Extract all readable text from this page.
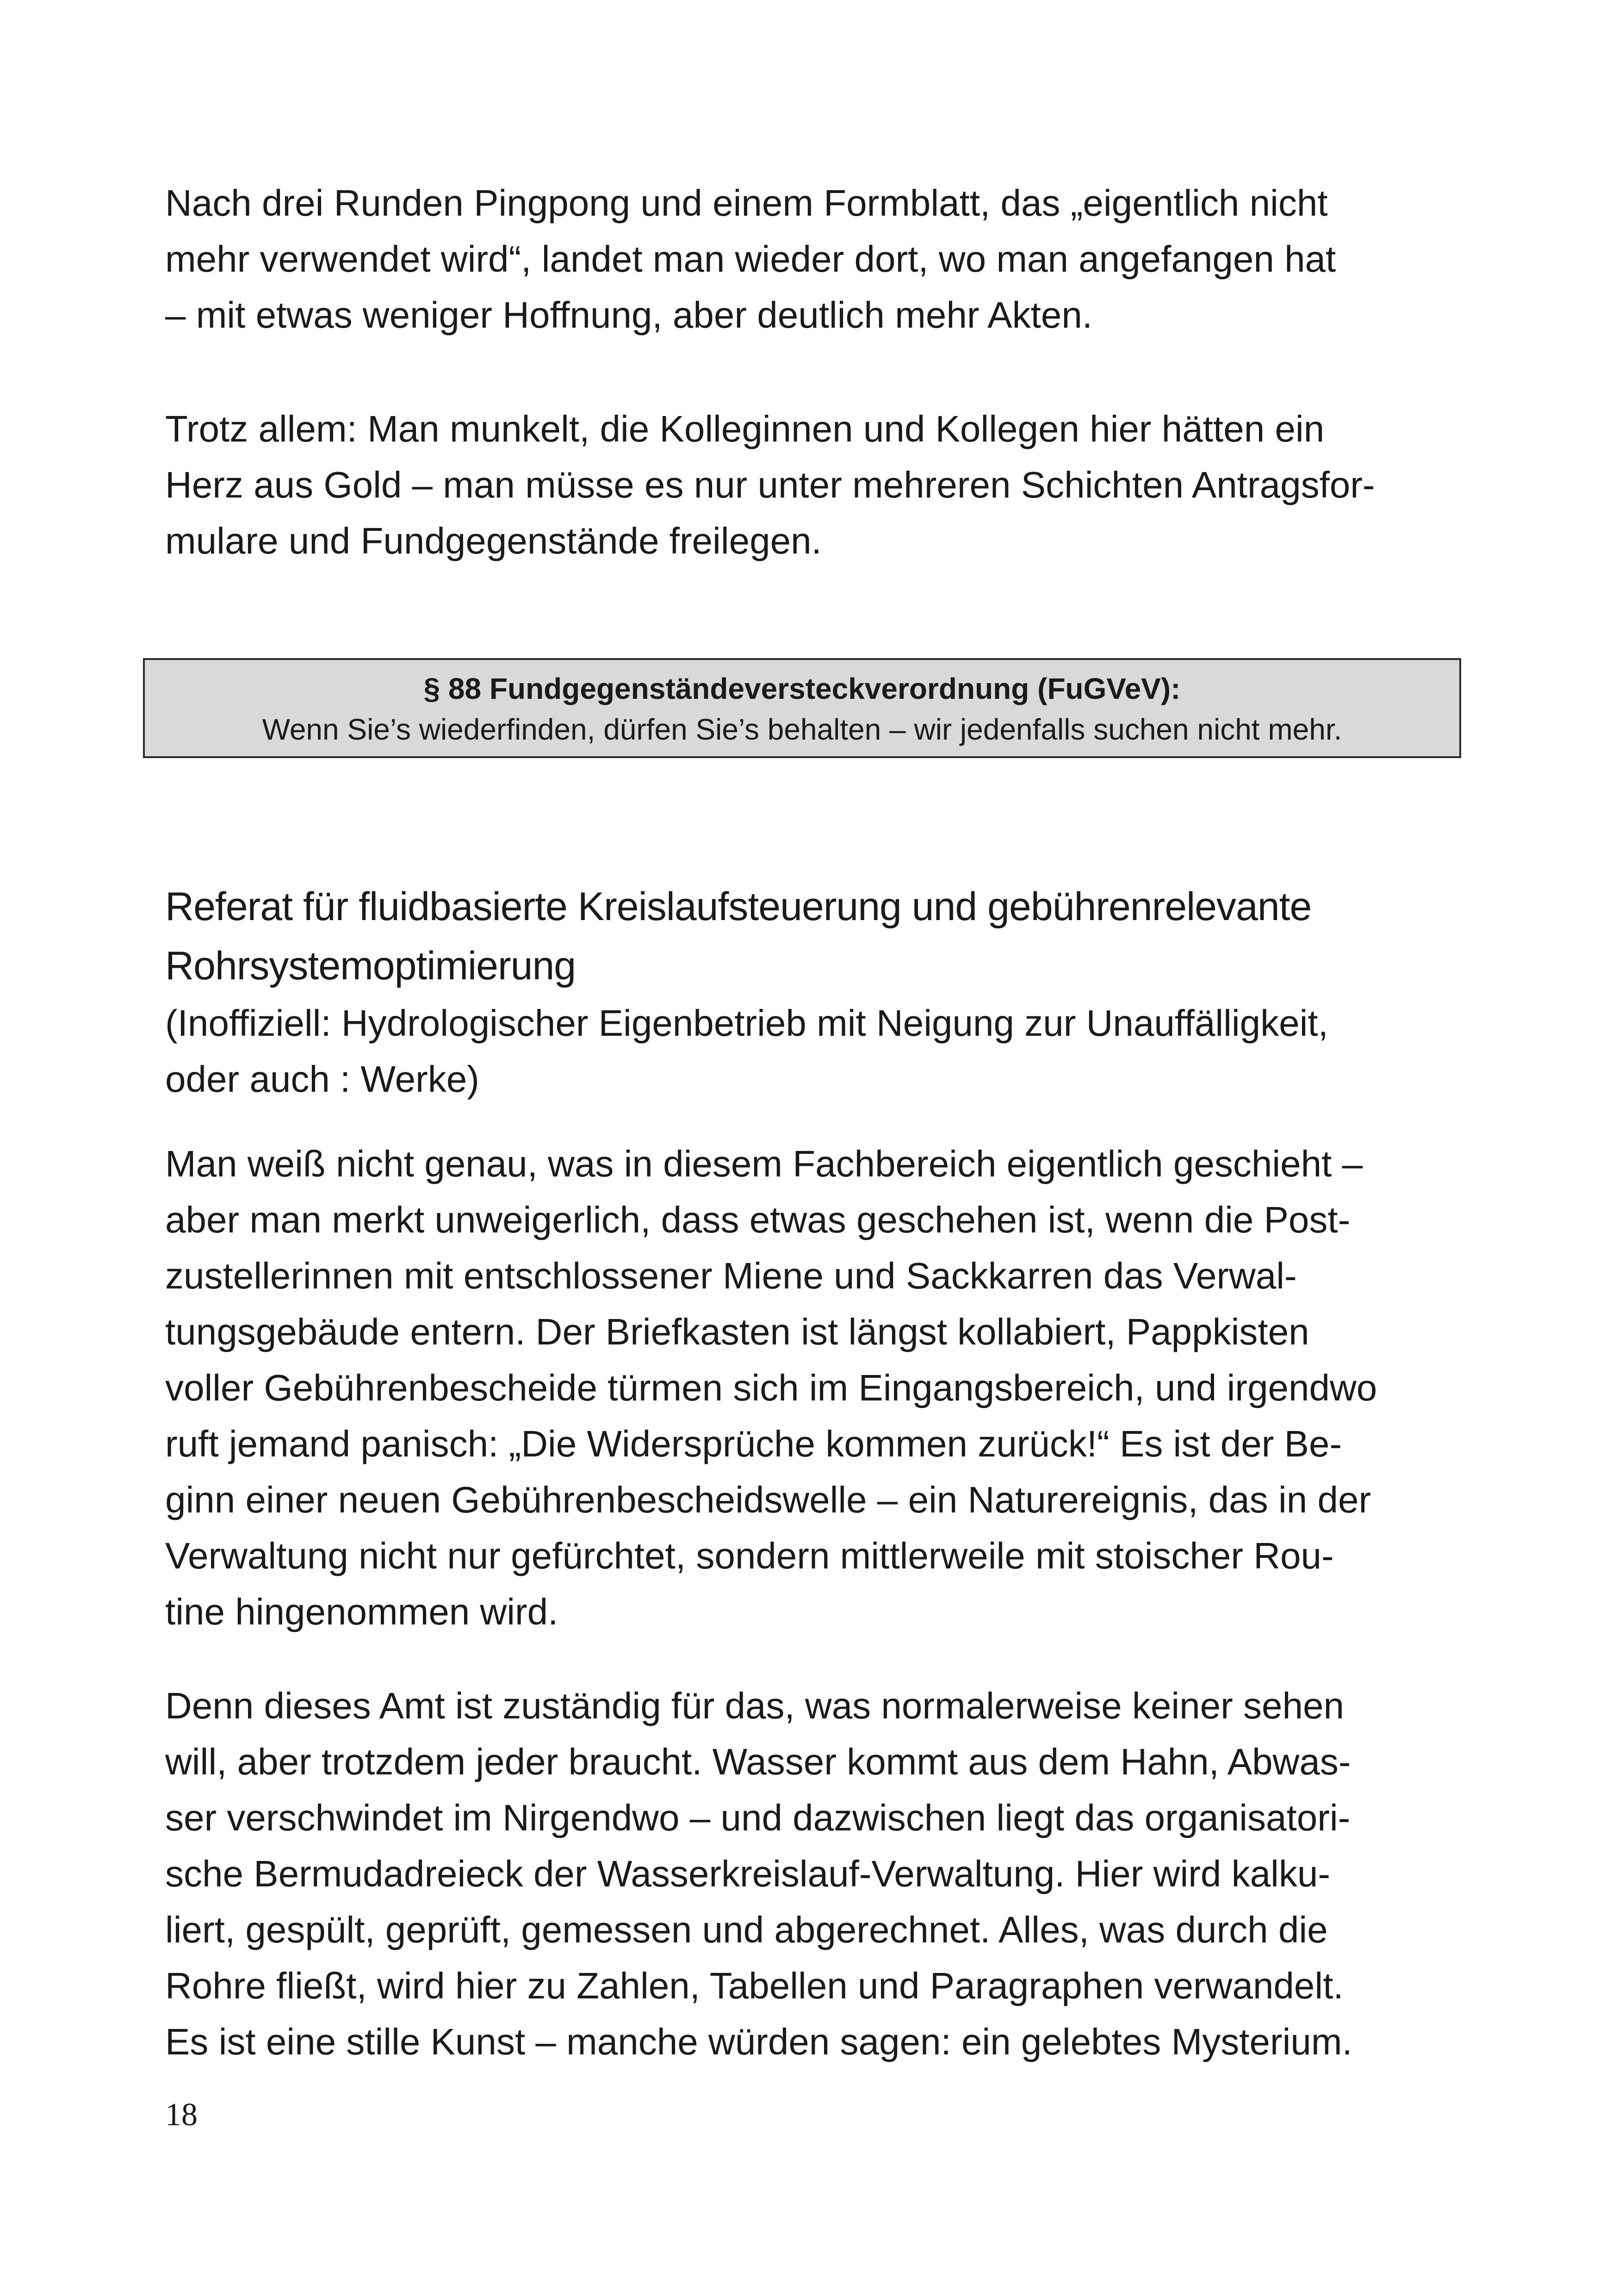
Nach drei Runden Pingpong und einem Formblatt, das „eigentlich nicht
mehr verwendet wird“, landet man wieder dort, wo man angefangen hat
– mit etwas weniger Hoffnung, aber deutlich mehr Akten.

Trotz allem: Man munkelt, die Kolleginnen und Kollegen hier hätten ein
Herz aus Gold – man müsse es nur unter mehreren Schichten Antragsfor-
mulare und Fundgegenstände freilegen.

§ 88 Fundgegenständeversteckverordnung (FuGVeV):
Wenn Sie’s wiederfinden, dürfen Sie’s behalten – wir jedenfalls suchen nicht mehr.
Referat für fluidbasierte Kreislaufsteuerung und gebührenrelevante
Rohrsystemoptimierung

(Inoffiziell: Hydrologischer Eigenbetrieb mit Neigung zur Unauffälligkeit,
oder auch : Werke)

Man weiß nicht genau, was in diesem Fachbereich eigentlich geschieht –
aber man merkt unweigerlich, dass etwas geschehen ist, wenn die Post-
zustellerinnen mit entschlossener Miene und Sackkarren das Verwal-
tungsgebäude entern. Der Briefkasten ist längst kollabiert, Pappkisten
voller Gebührenbescheide türmen sich im Eingangsbereich, und irgendwo
ruft jemand panisch: „Die Widersprüche kommen zurück!“ Es ist der Be-
ginn einer neuen Gebührenbescheidswelle – ein Naturereignis, das in der
Verwaltung nicht nur gefürchtet, sondern mittlerweile mit stoischer Rou-
tine hingenommen wird.

Denn dieses Amt ist zuständig für das, was normalerweise keiner sehen
will, aber trotzdem jeder braucht. Wasser kommt aus dem Hahn, Abwas-
ser verschwindet im Nirgendwo – und dazwischen liegt das organisatori-
sche Bermudadreieck der Wasserkreislauf-Verwaltung. Hier wird kalku-
liert, gespült, geprüft, gemessen und abgerechnet. Alles, was durch die
Rohre fließt, wird hier zu Zahlen, Tabellen und Paragraphen verwandelt.
Es ist eine stille Kunst – manche würden sagen: ein gelebtes Mysterium.

18
